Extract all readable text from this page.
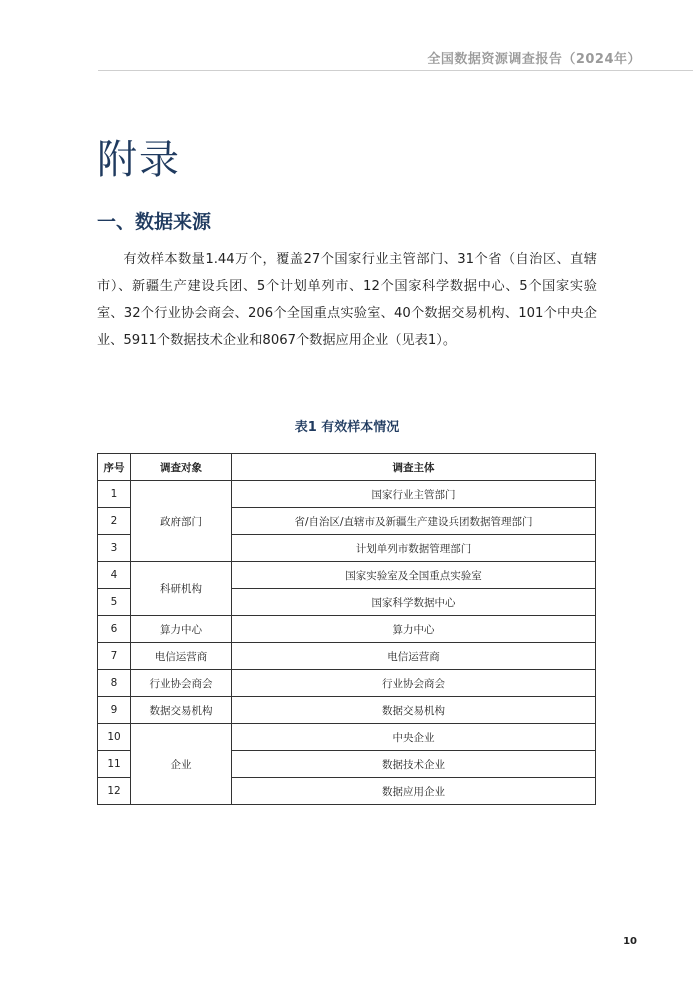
全国数据资源调查报告（2024年）
附录
一、数据来源

有效样本数量1.44万个，覆盖27个国家行业主管部门、31个省（自治区、直辖市）、新疆生产建设兵团、5个计划单列市、12个国家科学数据中心、5个国家实验室、32个行业协会商会、206个全国重点实验室、40个数据交易机构、101个中央企业、5911个数据技术企业和8067个数据应用企业（见表1）。

表1 有效样本情况
序号	调查对象	调查主体
1	政府部门	国家行业主管部门
2		省/自治区/直辖市及新疆生产建设兵团数据管理部门
3		计划单列市数据管理部门
4	科研机构	国家实验室及全国重点实验室
5		国家科学数据中心
6	算力中心	算力中心
7	电信运营商	电信运营商
8	行业协会商会	行业协会商会
9	数据交易机构	数据交易机构
10	企业	中央企业
11		数据技术企业
12		数据应用企业
10
